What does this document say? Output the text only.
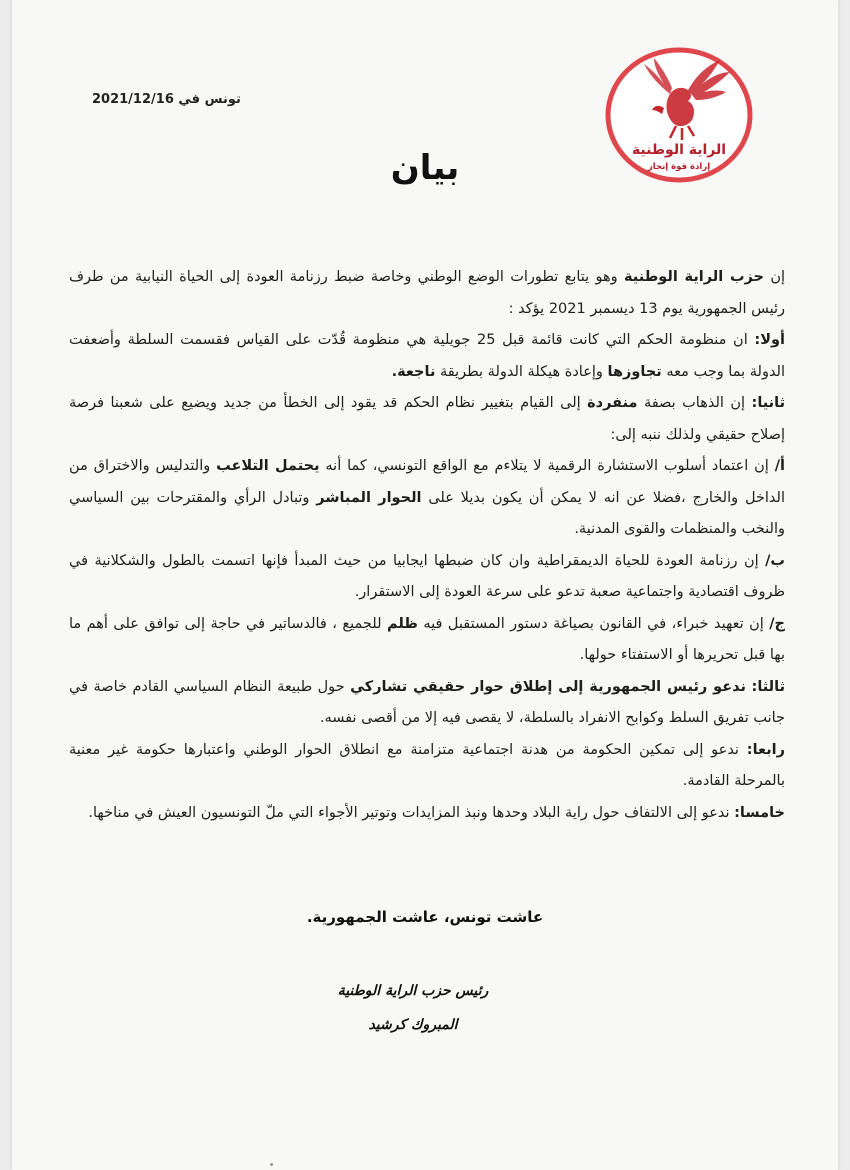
الراية الوطنية
إرادة قوة إنجاز
تونس في 2021/12/16
بيان

إن حزب الراية الوطنية وهو يتابع تطورات الوضع الوطني وخاصة ضبط رزنامة العودة إلى الحياة النيابية من طرف رئيس الجمهورية يوم 13 ديسمبر 2021 يؤكد :

أولا: ان منظومة الحكم التي كانت قائمة قبل 25 جويلية هي منظومة قُدّت على القياس فقسمت السلطة وأضعفت الدولة بما وجب معه تجاوزها وإعادة هيكلة الدولة بطريقة ناجعة.

ثانيا: إن الذهاب بصفة منفردة إلى القيام بتغيير نظام الحكم قد يقود إلى الخطأ من جديد ويضيع على شعبنا فرصة إصلاح حقيقي ولذلك ننبه إلى:

أ/ إن اعتماد أسلوب الاستشارة الرقمية لا يتلاءم مع الواقع التونسي، كما أنه يحتمل التلاعب والتدليس والاختراق من الداخل والخارج ،فضلا عن انه لا يمكن أن يكون بديلا على الحوار المباشر وتبادل الرأي والمقترحات بين السياسي والنخب والمنظمات والقوى المدنية.

ب/ إن رزنامة العودة للحياة الديمقراطية وان كان ضبطها ايجابيا من حيث المبدأ فإنها اتسمت بالطول والشكلانية في ظروف اقتصادية واجتماعية صعبة تدعو على سرعة العودة إلى الاستقرار.

ج/ إن تعهيد خبراء، في القانون بصياغة دستور المستقبل فيه ظلم للجميع ، فالدساتير في حاجة إلى توافق على أهم ما بها قبل تحريرها أو الاستفتاء حولها.

ثالثا: ندعو رئيس الجمهورية إلى إطلاق حوار حقيقي تشاركي حول طبيعة النظام السياسي القادم خاصة في جانب تفريق السلط وكوابح الانفراد بالسلطة، لا يقصى فيه إلا من أقصى نفسه.

رابعا: ندعو إلى تمكين الحكومة من هدنة اجتماعية متزامنة مع انطلاق الحوار الوطني واعتبارها حكومة غير معنية بالمرحلة القادمة.

خامسا: ندعو إلى الالتفاف حول راية البلاد وحدها ونبذ المزايدات وتوتير الأجواء التي ملّ التونسيون العيش في مناخها.

عاشت تونس، عاشت الجمهورية.
رئيس حزب الراية الوطنية
المبروك كرشيد
